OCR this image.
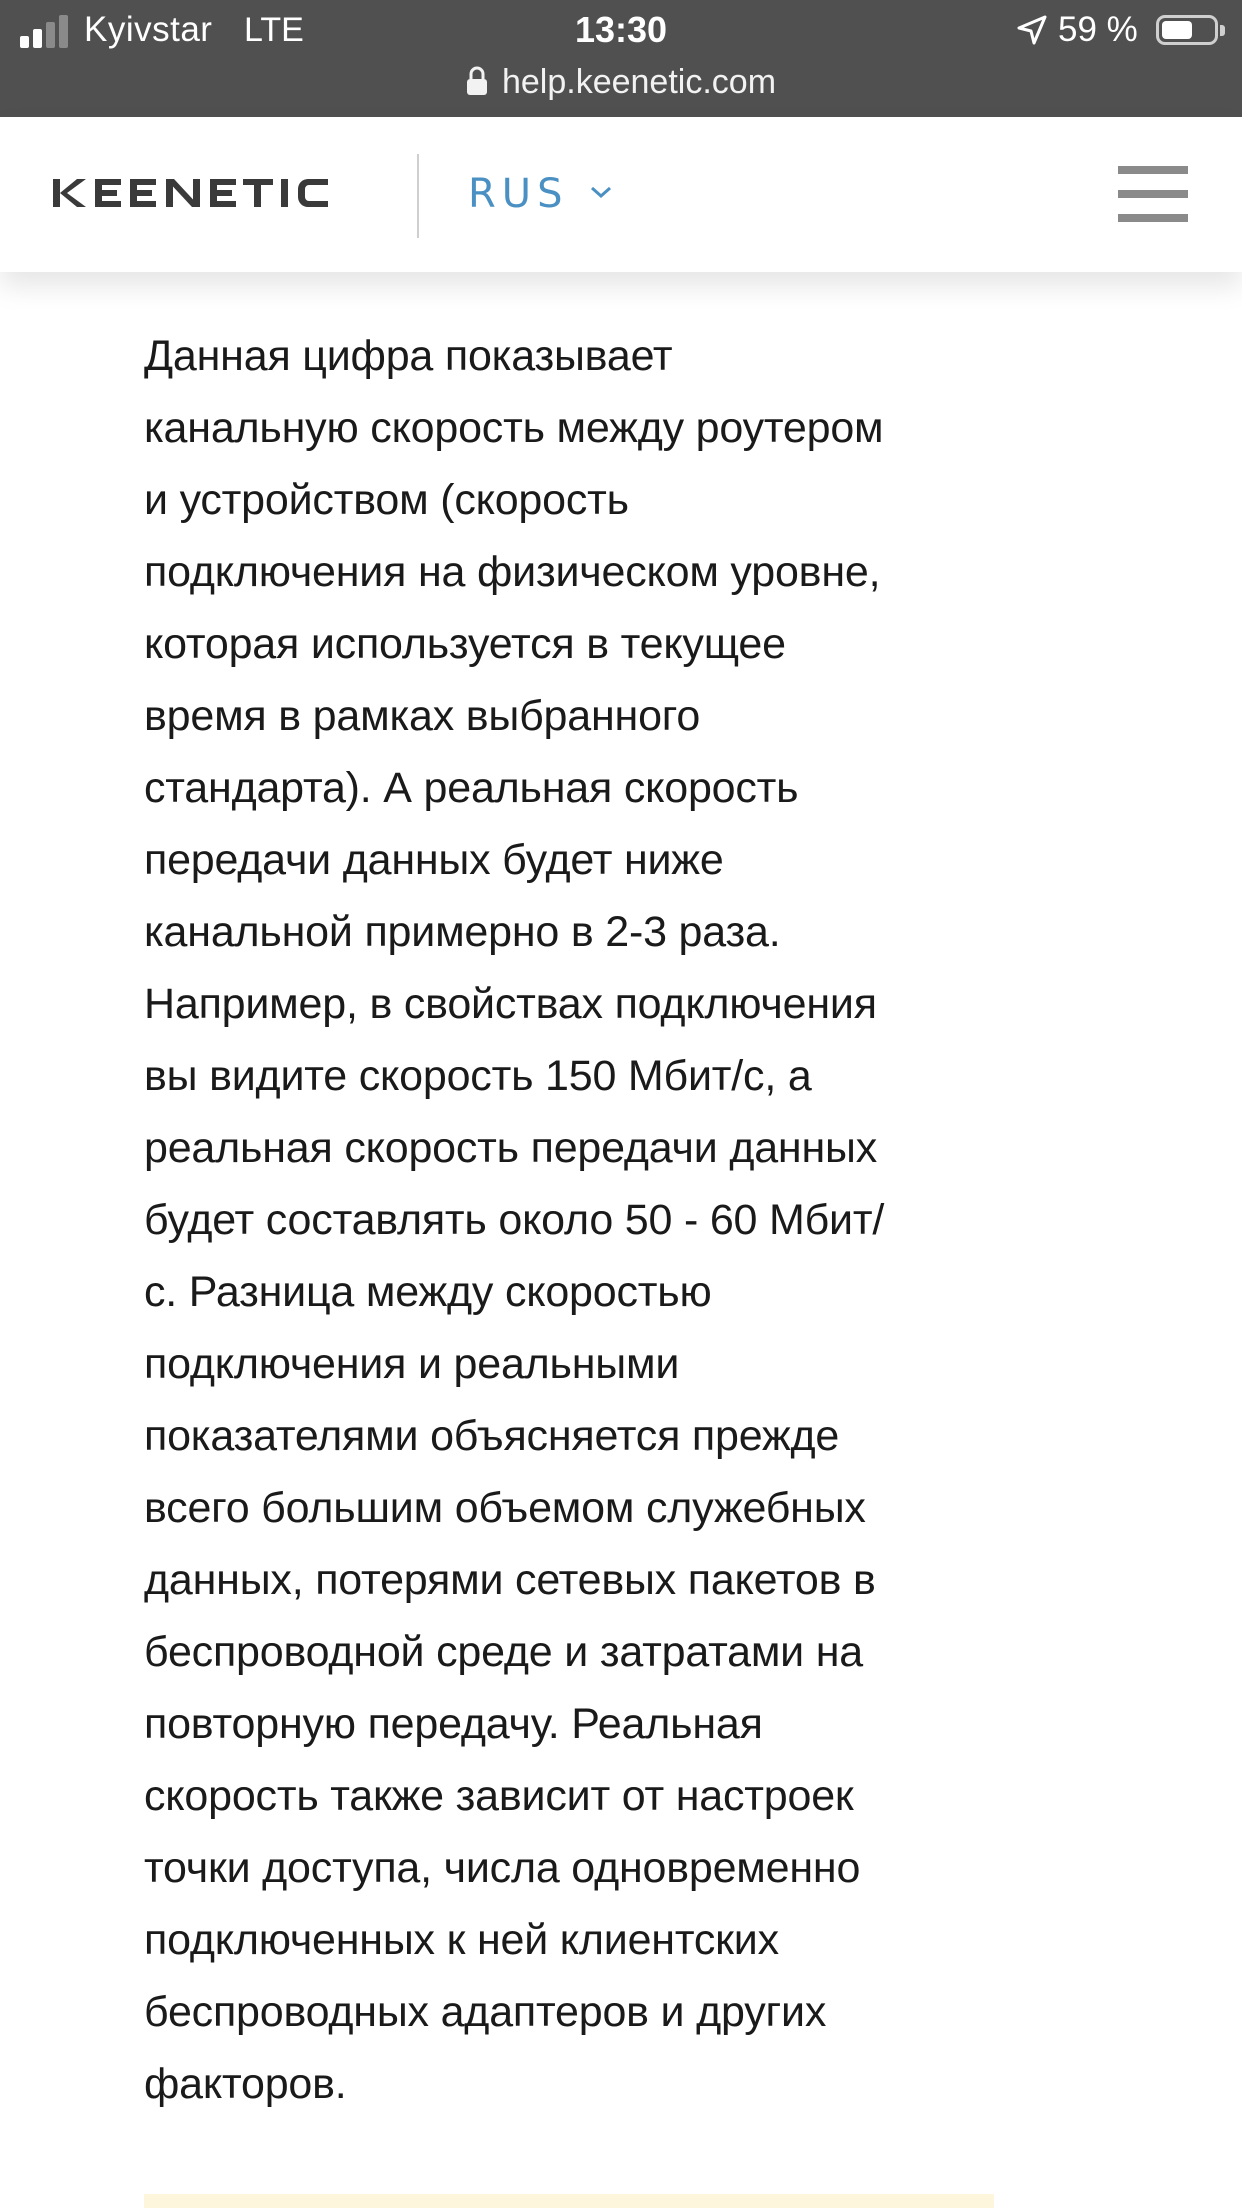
Kyivstar LTE	13:30	59 %
help.keenetic.com
RUS
Данная цифра показывает
канальную скорость между роутером
и устройством (скорость
подключения на физическом уровне,
которая используется в текущее
время в рамках выбранного
стандарта). А реальная скорость
передачи данных будет ниже
канальной примерно в 2-3 раза.
Например, в свойствах подключения
вы видите скорость 150 Мбит/с, а
реальная скорость передачи данных
будет составлять около 50 - 60 Мбит/
с. Разница между скоростью
подключения и реальными
показателями объясняется прежде
всего большим объемом служебных
данных, потерями сетевых пакетов в
беспроводной среде и затратами на
повторную передачу. Реальная
скорость также зависит от настроек
точки доступа, числа одновременно
подключенных к ней клиентских
беспроводных адаптеров и других
факторов.
